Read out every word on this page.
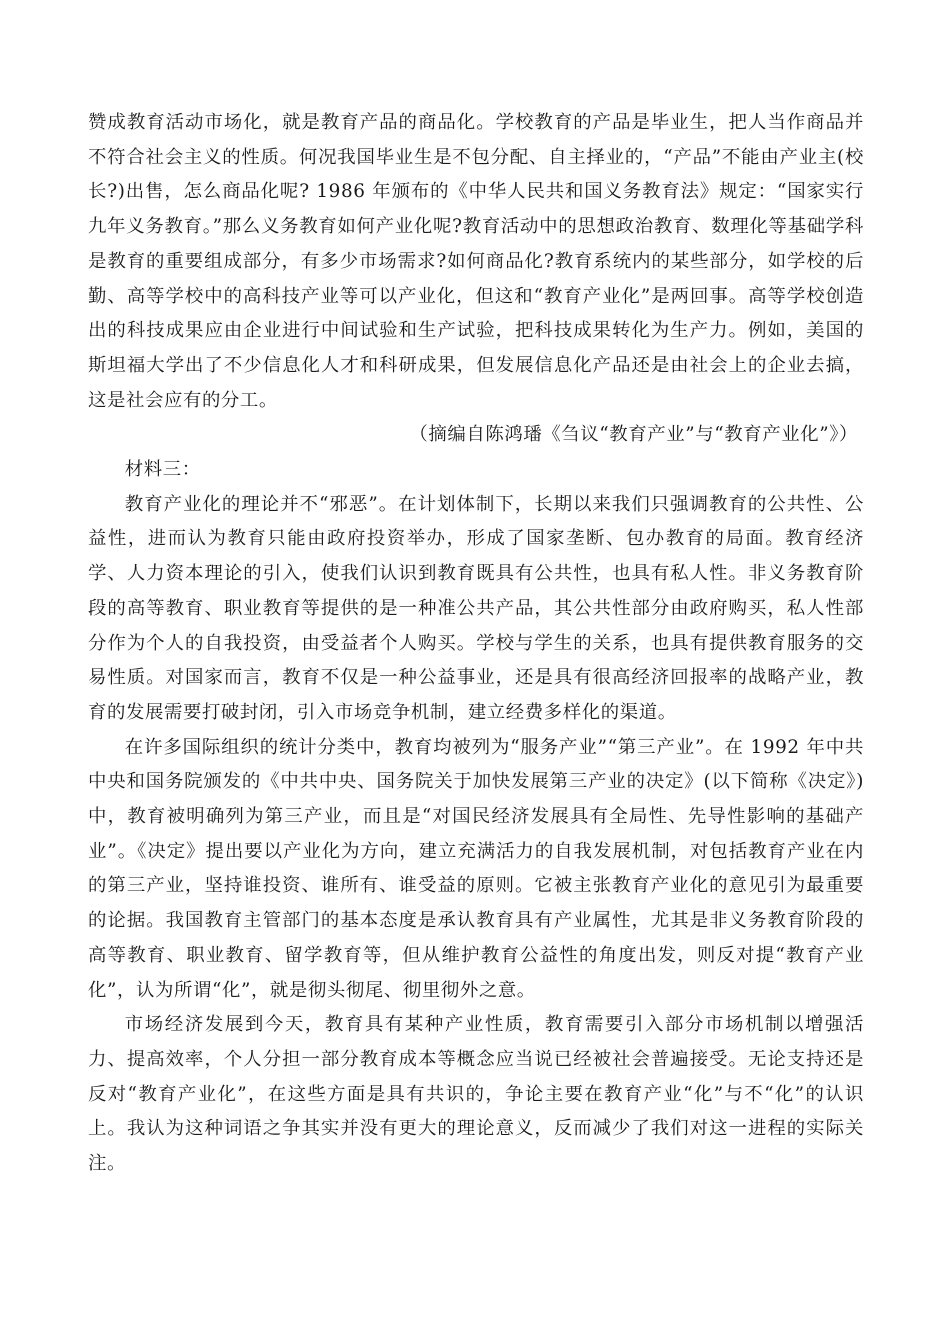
赞成教育活动市场化，就是教育产品的商品化。学校教育的产品是毕业生，把人当作商品并不符合社会主义的性质。何况我国毕业生是不包分配、自主择业的，“产品”不能由产业主(校长?)出售，怎么商品化呢? 1986 年颁布的《中华人民共和国义务教育法》规定：“国家实行九年义务教育。”那么义务教育如何产业化呢?教育活动中的思想政治教育、数理化等基础学科是教育的重要组成部分，有多少市场需求?如何商品化?教育系统内的某些部分，如学校的后勤、高等学校中的高科技产业等可以产业化，但这和“教育产业化”是两回事。高等学校创造出的科技成果应由企业进行中间试验和生产试验，把科技成果转化为生产力。例如，美国的斯坦福大学出了不少信息化人才和科研成果，但发展信息化产品还是由社会上的企业去搞，这是社会应有的分工。

（摘编自陈鸿璠《刍议“教育产业”与“教育产业化”》）

材料三：

教育产业化的理论并不“邪恶”。在计划体制下，长期以来我们只强调教育的公共性、公益性，进而认为教育只能由政府投资举办，形成了国家垄断、包办教育的局面。教育经济学、人力资本理论的引入，使我们认识到教育既具有公共性，也具有私人性。非义务教育阶段的高等教育、职业教育等提供的是一种准公共产品，其公共性部分由政府购买，私人性部分作为个人的自我投资，由受益者个人购买。学校与学生的关系，也具有提供教育服务的交易性质。对国家而言，教育不仅是一种公益事业，还是具有很高经济回报率的战略产业，教育的发展需要打破封闭，引入市场竞争机制，建立经费多样化的渠道。

在许多国际组织的统计分类中，教育均被列为“服务产业”“第三产业”。在 1992 年中共中央和国务院颁发的《中共中央、国务院关于加快发展第三产业的决定》(以下简称《决定》)中，教育被明确列为第三产业，而且是“对国民经济发展具有全局性、先导性影响的基础产业”。《决定》提出要以产业化为方向，建立充满活力的自我发展机制，对包括教育产业在内的第三产业，坚持谁投资、谁所有、谁受益的原则。它被主张教育产业化的意见引为最重要的论据。我国教育主管部门的基本态度是承认教育具有产业属性，尤其是非义务教育阶段的高等教育、职业教育、留学教育等，但从维护教育公益性的角度出发，则反对提“教育产业化”，认为所谓“化”，就是彻头彻尾、彻里彻外之意。

市场经济发展到今天，教育具有某种产业性质，教育需要引入部分市场机制以增强活力、提高效率，个人分担一部分教育成本等概念应当说已经被社会普遍接受。无论支持还是反对“教育产业化”，在这些方面是具有共识的，争论主要在教育产业“化”与不“化”的认识上。我认为这种词语之争其实并没有更大的理论意义，反而减少了我们对这一进程的实际关注。
